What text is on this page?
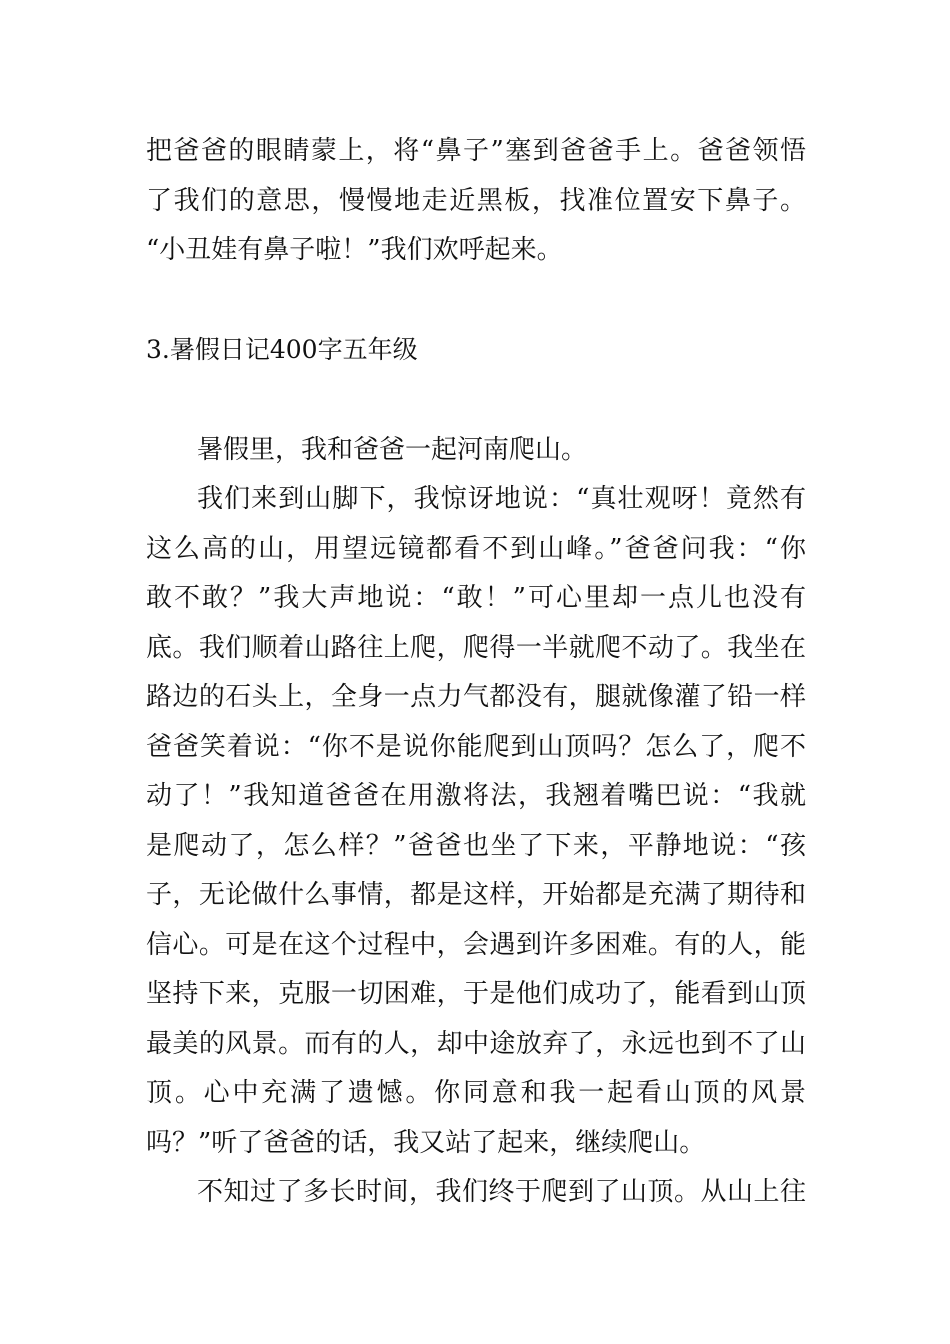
把爸爸的眼睛蒙上，将“鼻子”塞到爸爸手上。爸爸领悟
了我们的意思，慢慢地走近黑板，找准位置安下鼻子。
“小丑娃有鼻子啦！”我们欢呼起来。
3.暑假日记400字五年级
暑假里，我和爸爸一起河南爬山。
我们来到山脚下，我惊讶地说：“真壮观呀！竟然有
这么高的山，用望远镜都看不到山峰。”爸爸问我：“你
敢不敢？”我大声地说：“敢！”可心里却一点儿也没有
底。我们顺着山路往上爬，爬得一半就爬不动了。我坐在
路边的石头上，全身一点力气都没有，腿就像灌了铅一样
爸爸笑着说：“你不是说你能爬到山顶吗？怎么了，爬不
动了！”我知道爸爸在用激将法，我翘着嘴巴说：“我就
是爬动了，怎么样？”爸爸也坐了下来，平静地说：“孩
子，无论做什么事情，都是这样，开始都是充满了期待和
信心。可是在这个过程中，会遇到许多困难。有的人，能
坚持下来，克服一切困难，于是他们成功了，能看到山顶
最美的风景。而有的人，却中途放弃了，永远也到不了山
顶。心中充满了遗憾。你同意和我一起看山顶的风景
吗？”听了爸爸的话，我又站了起来，继续爬山。
不知过了多长时间，我们终于爬到了山顶。从山上往
